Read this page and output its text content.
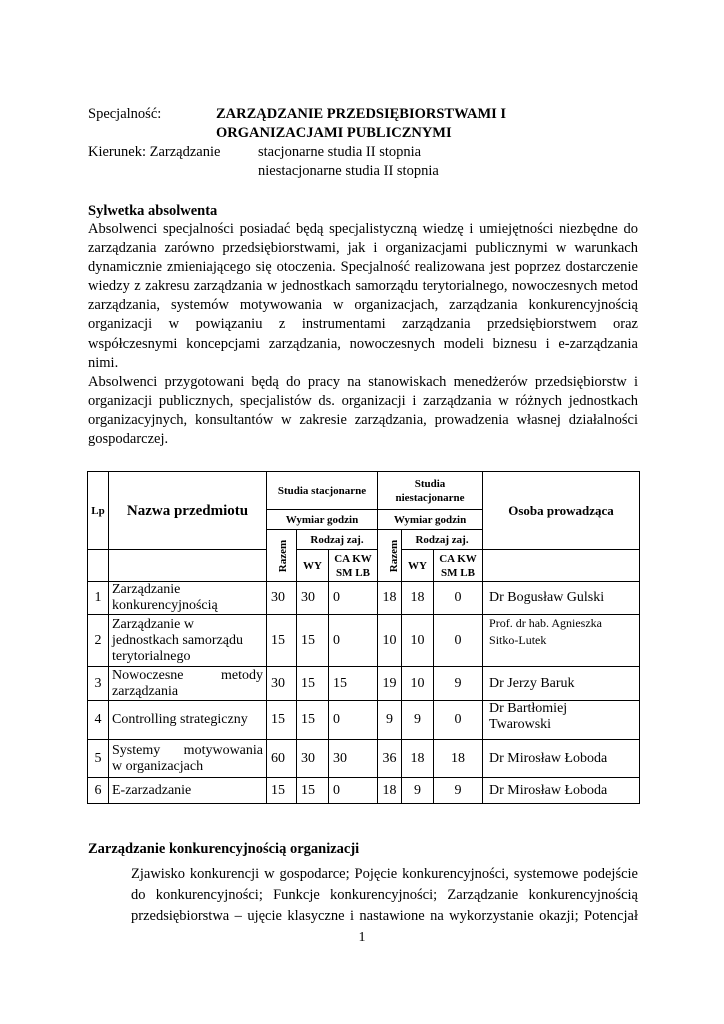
Specjalność:	ZARZĄDZANIE PRZEDSIĘBIORSTWAMI I
ORGANIZACJAMI PUBLICZNYMI
Kierunek: Zarządzanie	stacjonarne studia II stopnia
niestacjonarne studia II stopnia
Sylwetka absolwenta
Absolwenci specjalności posiadać będą specjalistyczną wiedzę i umiejętności niezbędne do
zarządzania zarówno przedsiębiorstwami, jak i organizacjami publicznymi w warunkach
dynamicznie zmieniającego się otoczenia. Specjalność realizowana jest poprzez dostarczenie
wiedzy z zakresu zarządzania w jednostkach samorządu terytorialnego, nowoczesnych metod
zarządzania, systemów motywowania w organizacjach, zarządzania konkurencyjnością
organizacji w powiązaniu z instrumentami zarządzania przedsiębiorstwem oraz
współczesnymi koncepcjami zarządzania, nowoczesnych modeli biznesu i e-zarządzania
nimi.
Absolwenci przygotowani będą do pracy na stanowiskach menedżerów przedsiębiorstw i
organizacji publicznych, specjalistów ds. organizacji i zarządzania w różnych jednostkach
organizacyjnych, konsultantów w zakresie zarządzania, prowadzenia własnej działalności
gospodarczej.
Lp	Nazwa przedmiotu	Studia stacjonarne			Studia niestacjonarne			Osoba prowadząca
		Wymiar godzin			Wymiar godzin			
		Razem	Rodzaj zaj.		Razem	Rodzaj zaj.		
			WY	CA KW SM LB		WY	CA KW SM LB	
1	Zarządzanie
konkurencyjnością	30	30	0	18	18	0	Dr Bogusław Gulski
2	Zarządzanie w
jednostkach samorządu
terytorialnego	15	15	0	10	10	0	Prof. dr hab. Agnieszka
Sitko-Lutek

3	Nowoczesne metody
zarządzania	30	15	15	19	10	9	Dr Jerzy Baruk
4	Controlling strategiczny	15	15	0	9	9	0	Dr Bartłomiej
Twarowski

5	Systemy motywowania
w organizacjach	60	30	30	36	18	18	Dr Mirosław Łoboda
6	E-zarzadzanie	15	15	0	18	9	9	Dr Mirosław Łoboda
Zarządzanie konkurencyjnością organizacji
Zjawisko konkurencji w gospodarce; Pojęcie konkurencyjności, systemowe podejście
do konkurencyjności; Funkcje konkurencyjności; Zarządzanie konkurencyjnością
przedsiębiorstwa – ujęcie klasyczne i nastawione na wykorzystanie okazji; Potencjał
1
